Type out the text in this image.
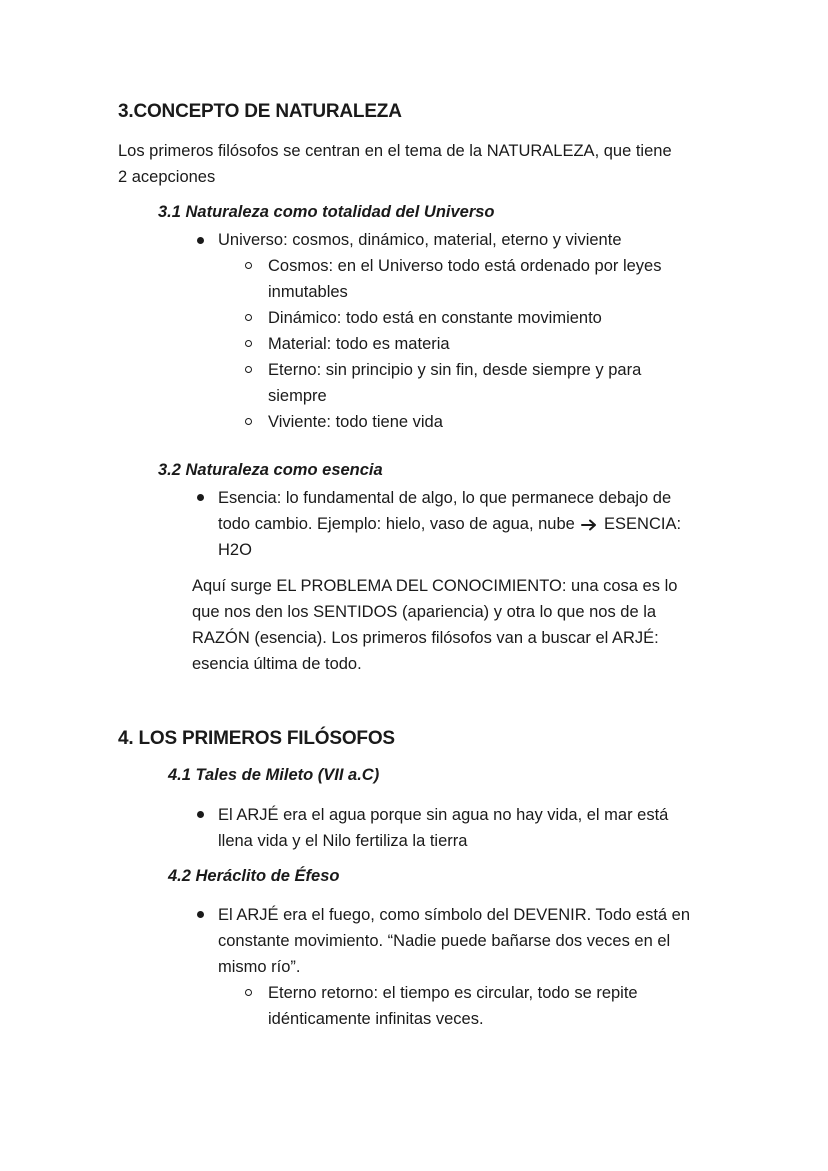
3.CONCEPTO DE NATURALEZA
Los primeros filósofos se centran en el tema de la NATURALEZA, que tiene
2 acepciones
3.1 Naturaleza como totalidad del Universo
Universo: cosmos, dinámico, material, eterno y viviente
Cosmos: en el Universo todo está ordenado por leyes
inmutables
Dinámico: todo está en constante movimiento
Material: todo es materia
Eterno: sin principio y sin fin, desde siempre y para
siempre
Viviente: todo tiene vida
3.2 Naturaleza como esencia
Esencia: lo fundamental de algo, lo que permanece debajo de
todo cambio. Ejemplo: hielo, vaso de agua, nube ESENCIA:
H2O
Aquí surge EL PROBLEMA DEL CONOCIMIENTO: una cosa es lo
que nos den los SENTIDOS (apariencia) y otra lo que nos de la
RAZÓN (esencia). Los primeros filósofos van a buscar el ARJÉ:
esencia última de todo.
4. LOS PRIMEROS FILÓSOFOS
4.1 Tales de Mileto (VII a.C)
El ARJÉ era el agua porque sin agua no hay vida, el mar está
llena vida y el Nilo fertiliza la tierra
4.2 Heráclito de Éfeso
El ARJÉ era el fuego, como símbolo del DEVENIR. Todo está en
constante movimiento. “Nadie puede bañarse dos veces en el
mismo río”.
Eterno retorno: el tiempo es circular, todo se repite
idénticamente infinitas veces.
